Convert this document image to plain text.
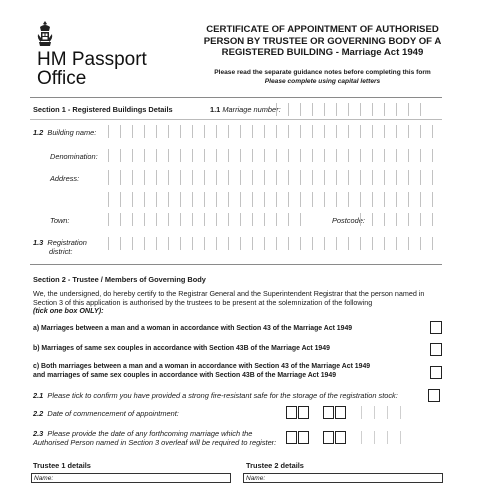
HM Passport
Office
CERTIFICATE OF APPOINTMENT OF AUTHORISED PERSON BY TRUSTEE OR GOVERNING BODY OF A REGISTERED BUILDING - Marriage Act 1949
Please read the separate guidance notes before completing this form
Please complete using capital letters
Section 1 - Registered Buildings Details	1.1 Marriage number:
1.2 Building name:
Denomination:
Address:
Town:	Postcode:
1.3 Registration
district:
Section 2 - Trustee / Members of Governing Body
We, the undersigned, do hereby certify to the Registrar General and the Superintendent Registrar that the person named in Section 3 of this application is authorised by the trustees to be present at the solemnization of the following
(tick one box ONLY):
a) Marriages between a man and a woman in accordance with Section 43 of the Marriage Act 1949
b) Marriages of same sex couples in accordance with Section 43B of the Marriage Act 1949
c) Both marriages between a man and a woman in accordance with Section 43 of the Marriage Act 1949
and marriages of same sex couples in accordance with Section 43B of the Marriage Act 1949
2.1 Please tick to confirm you have provided a strong fire-resistant safe for the storage of the registration stock:
2.2 Date of commencement of appointment:
2.3 Please provide the date of any forthcoming marriage which the
Authorised Person named in Section 3 overleaf will be required to register:
Trustee 1 details	Trustee 2 details
Name:	Name:
